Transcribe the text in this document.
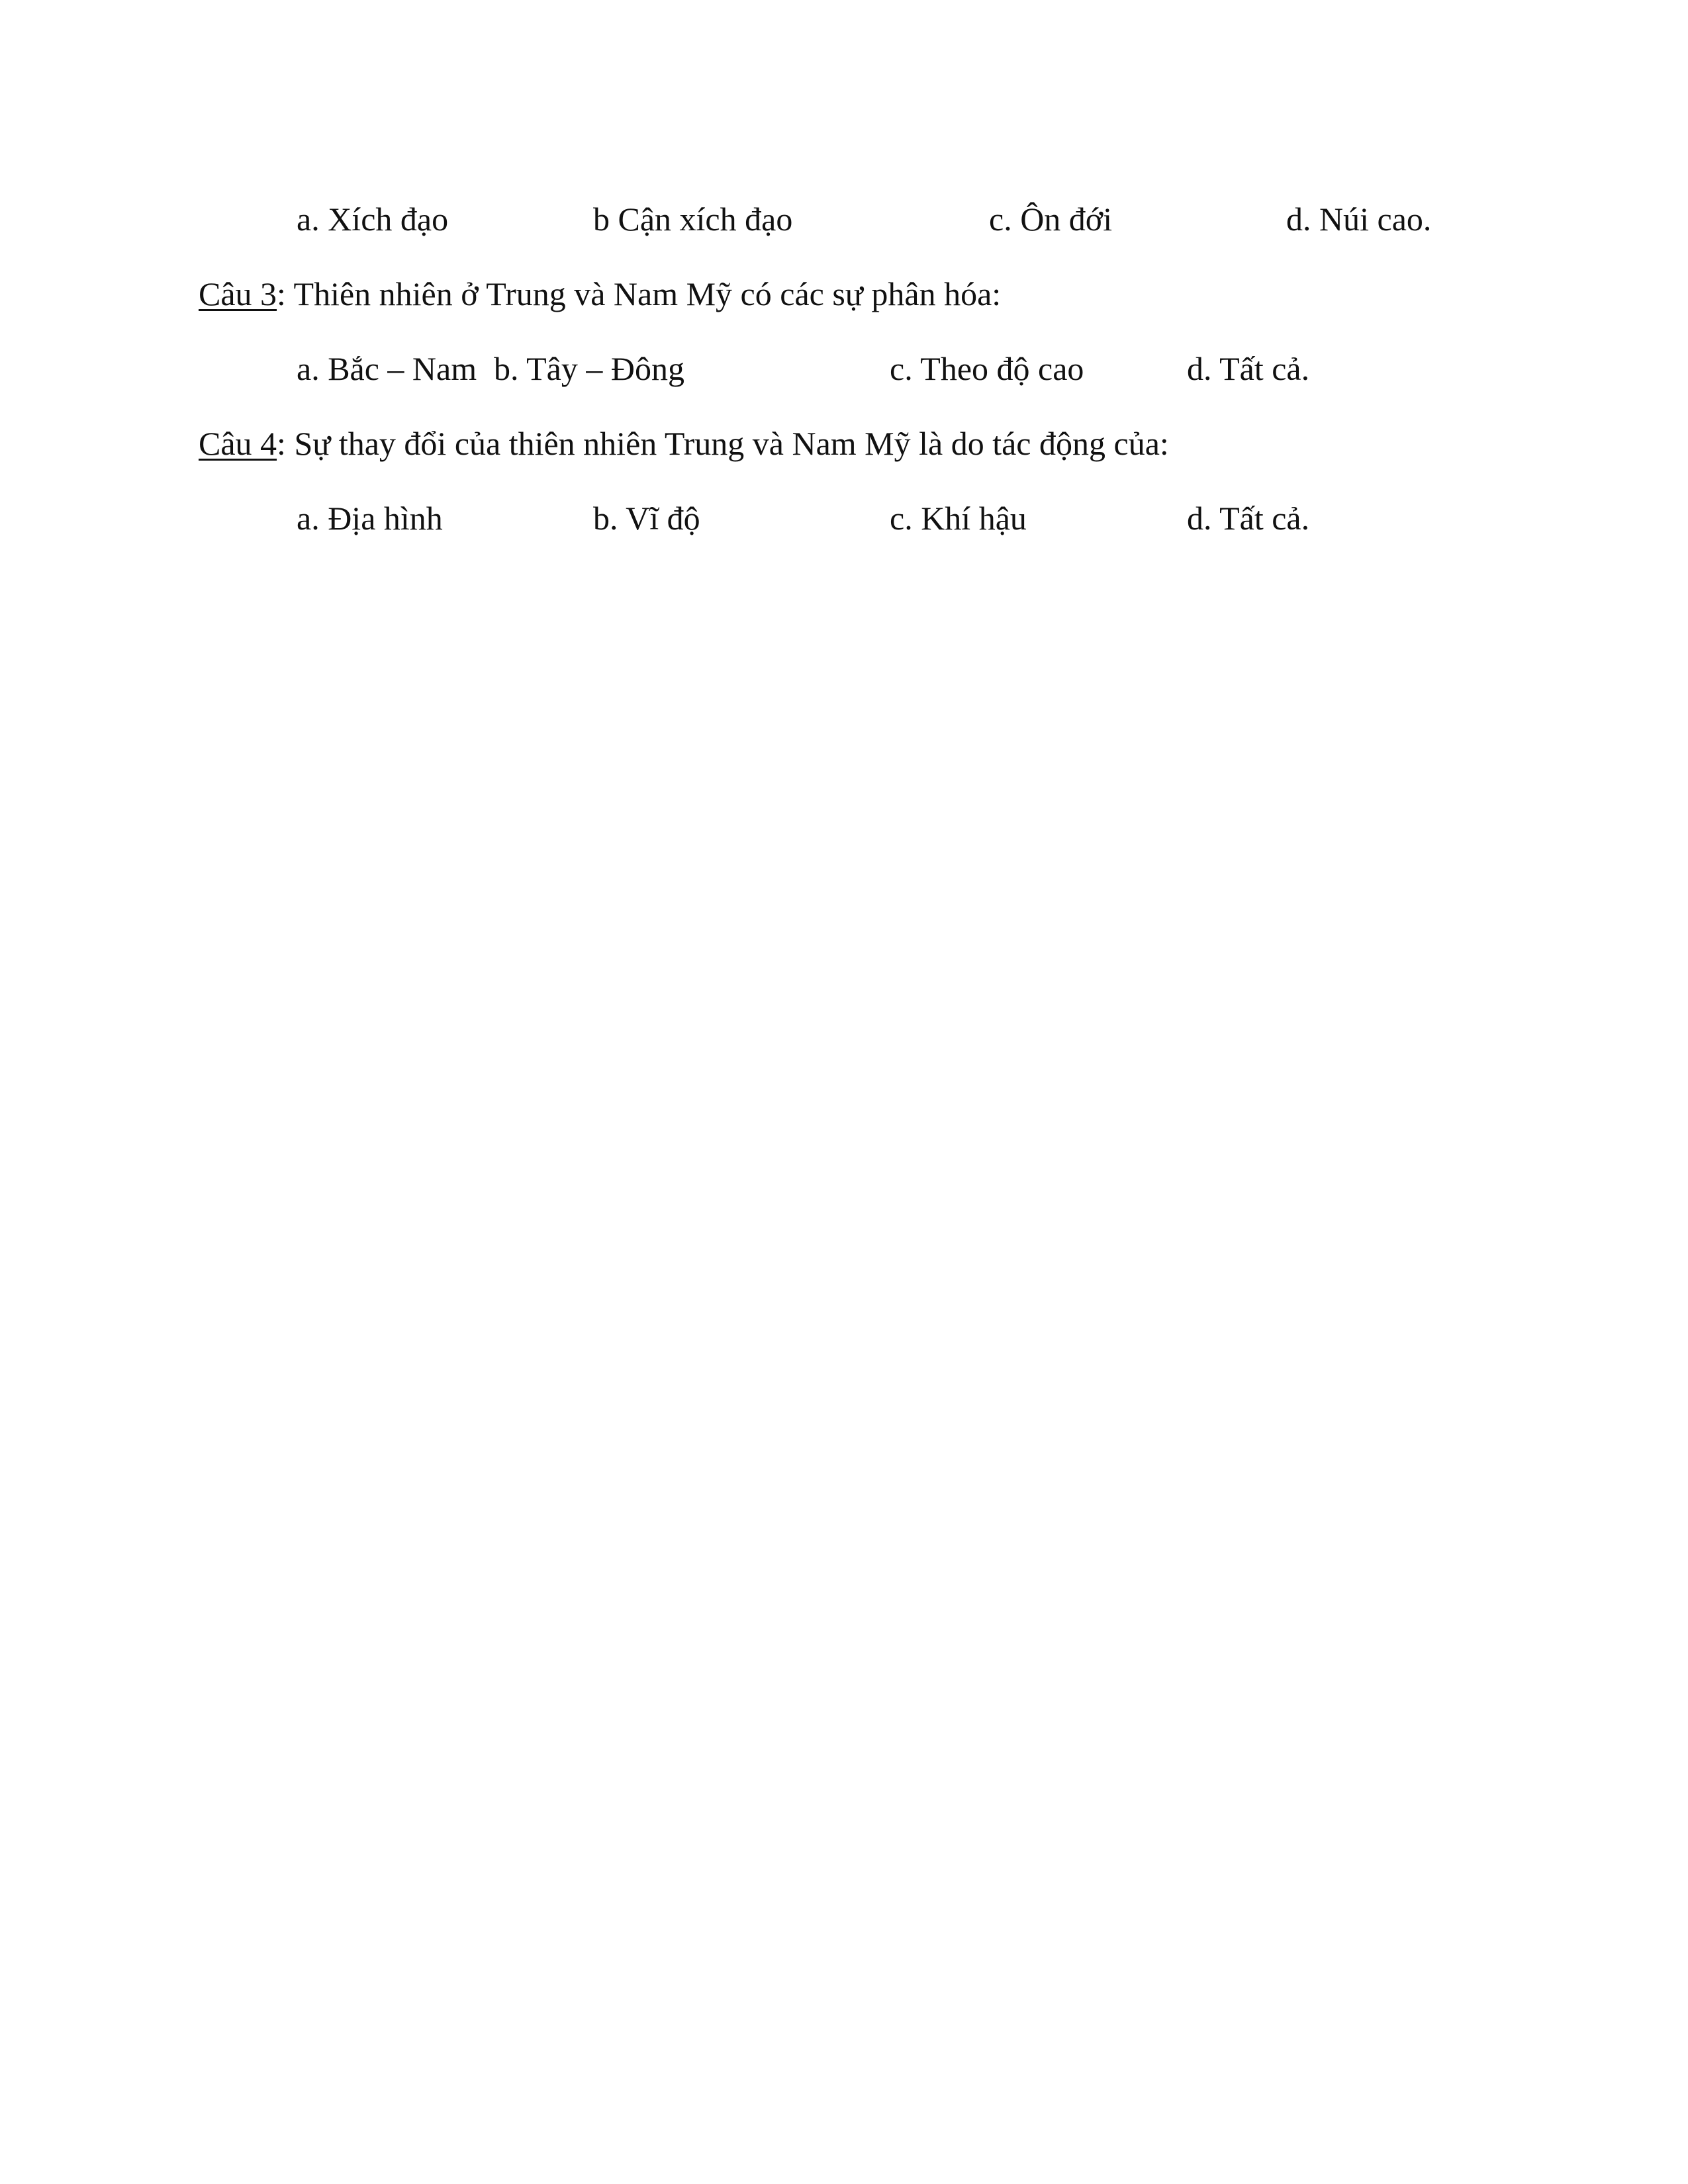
a. Xích đạo	b Cận xích đạo	c. Ôn đới	d. Núi cao.
Câu 3: Thiên nhiên ở Trung và Nam Mỹ có các sự phân hóa:
a. Bắc – Nam b. Tây – Đông	c. Theo độ cao	d. Tất cả.
Câu 4: Sự thay đổi của thiên nhiên Trung và Nam Mỹ là do tác động của:
a. Địa hình	b. Vĩ độ	c. Khí hậu	d. Tất cả.
